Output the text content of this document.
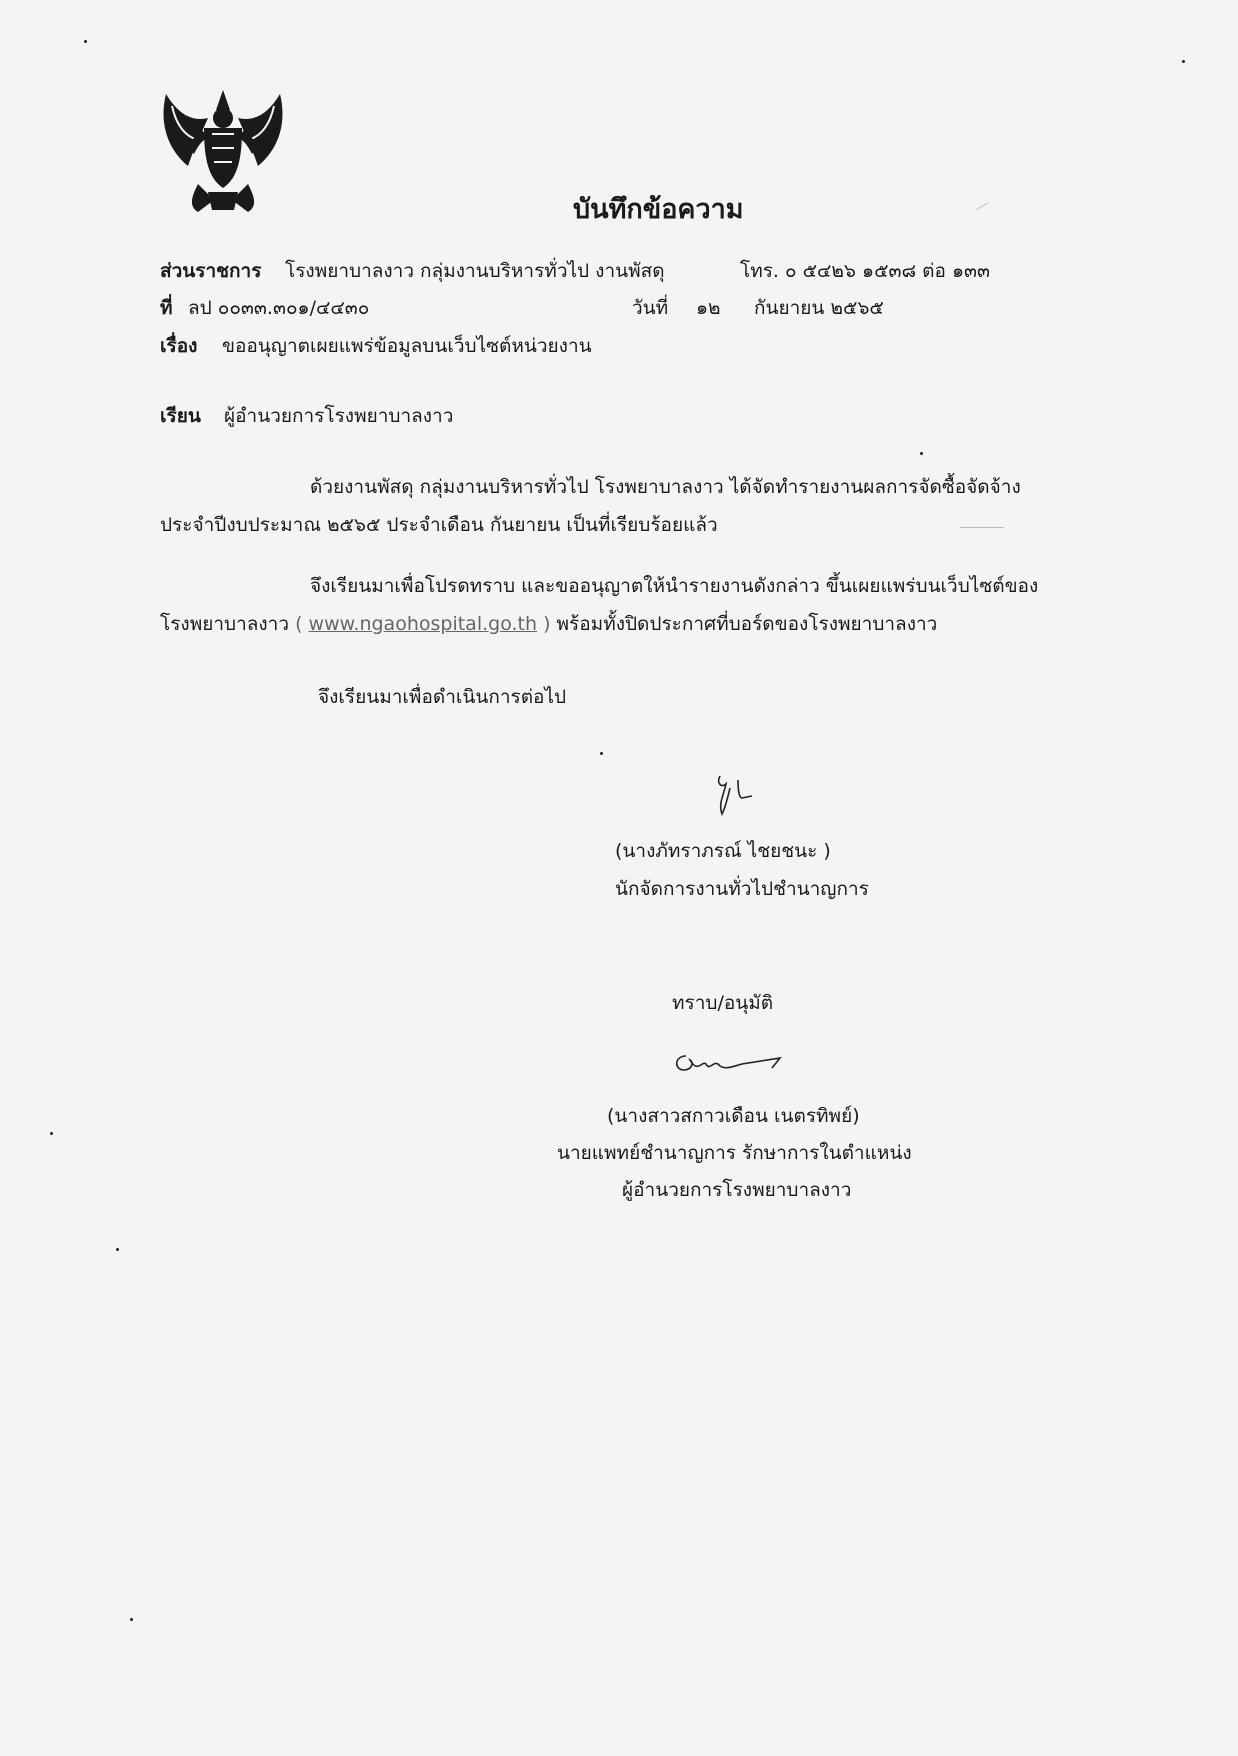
บันทึกข้อความ
ส่วนราชการ โรงพยาบาลงาว กลุ่มงานบริหารทั่วไป งานพัสดุ	โทร. ๐ ๕๔๒๖ ๑๕๓๘ ต่อ ๑๓๓
ที่ ลป ๐๐๓๓.๓๐๑/๔๔๓๐	วันที่ ๑๒ กันยายน ๒๕๖๕
เรื่อง ขออนุญาตเผยแพร่ข้อมูลบนเว็บไซต์หน่วยงาน
เรียน ผู้อำนวยการโรงพยาบาลงาว
ด้วยงานพัสดุ กลุ่มงานบริหารทั่วไป โรงพยาบาลงาว ได้จัดทำรายงานผลการจัดซื้อจัดจ้าง
ประจำปีงบประมาณ ๒๕๖๕ ประจำเดือน กันยายน เป็นที่เรียบร้อยแล้ว
จึงเรียนมาเพื่อโปรดทราบ และขออนุญาตให้นำรายงานดังกล่าว ขึ้นเผยแพร่บนเว็บไซต์ของ
โรงพยาบาลงาว ( www.ngaohospital.go.th ) พร้อมทั้งปิดประกาศที่บอร์ดของโรงพยาบาลงาว
จึงเรียนมาเพื่อดำเนินการต่อไป
(นางภัทราภรณ์ ไชยชนะ )
นักจัดการงานทั่วไปชำนาญการ
ทราบ/อนุมัติ
(นางสาวสกาวเดือน เนตรทิพย์)
นายแพทย์ชำนาญการ รักษาการในตำแหน่ง
ผู้อำนวยการโรงพยาบาลงาว
